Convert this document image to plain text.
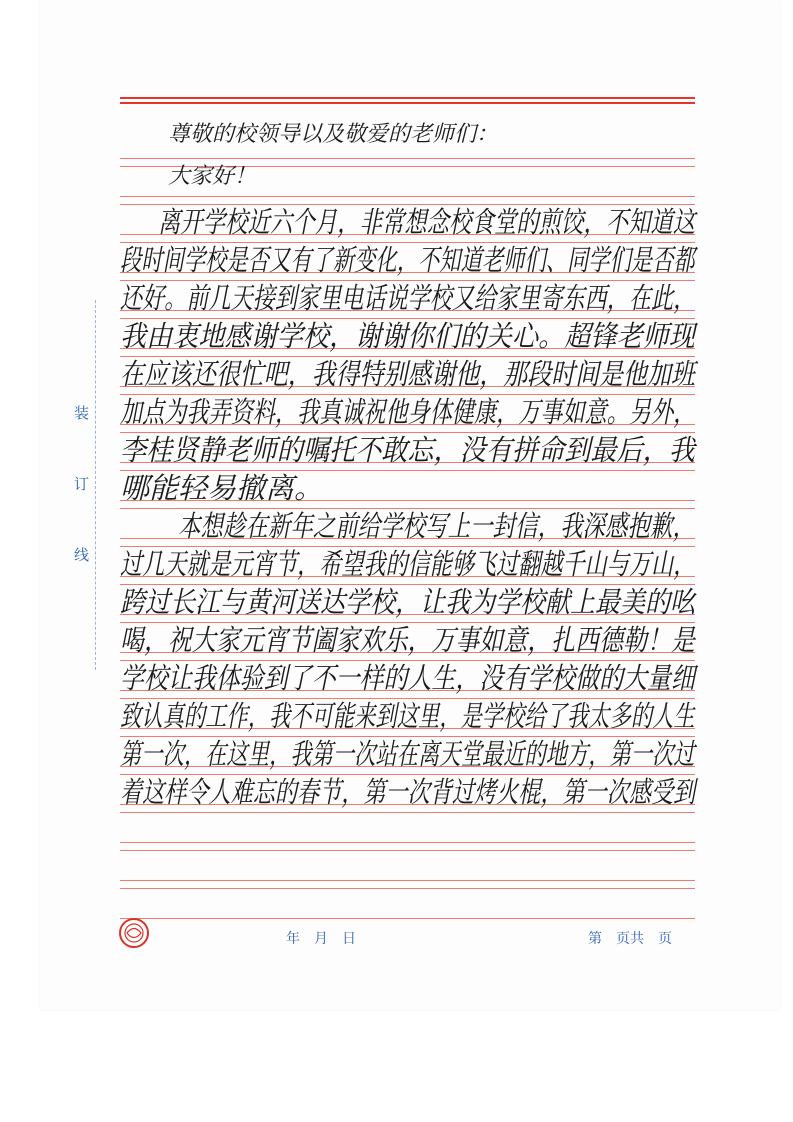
装
订
线
尊敬的校领导以及敬爱的老师们：
大家好！
离开学校近六个月，非常想念校食堂的煎饺，不知道这
段时间学校是否又有了新变化，不知道老师们、同学们是否都
还好。前几天接到家里电话说学校又给家里寄东西，在此，
我由衷地感谢学校，谢谢你们的关心。超锋老师现
在应该还很忙吧，我得特别感谢他，那段时间是他加班
加点为我弄资料，我真诚祝他身体健康，万事如意。另外，
李桂贤静老师的嘱托不敢忘，没有拼命到最后，我
哪能轻易撤离。
本想趁在新年之前给学校写上一封信，我深感抱歉，
过几天就是元宵节，希望我的信能够飞过翻越千山与万山，
跨过长江与黄河送达学校，让我为学校献上最美的吆
喝，祝大家元宵节阖家欢乐，万事如意，扎西德勒！是
学校让我体验到了不一样的人生，没有学校做的大量细
致认真的工作，我不可能来到这里，是学校给了我太多的人生
第一次，在这里，我第一次站在离天堂最近的地方，第一次过
着这样令人难忘的春节，第一次背过烤火棍，第一次感受到
年　月　日	第　页共　页
